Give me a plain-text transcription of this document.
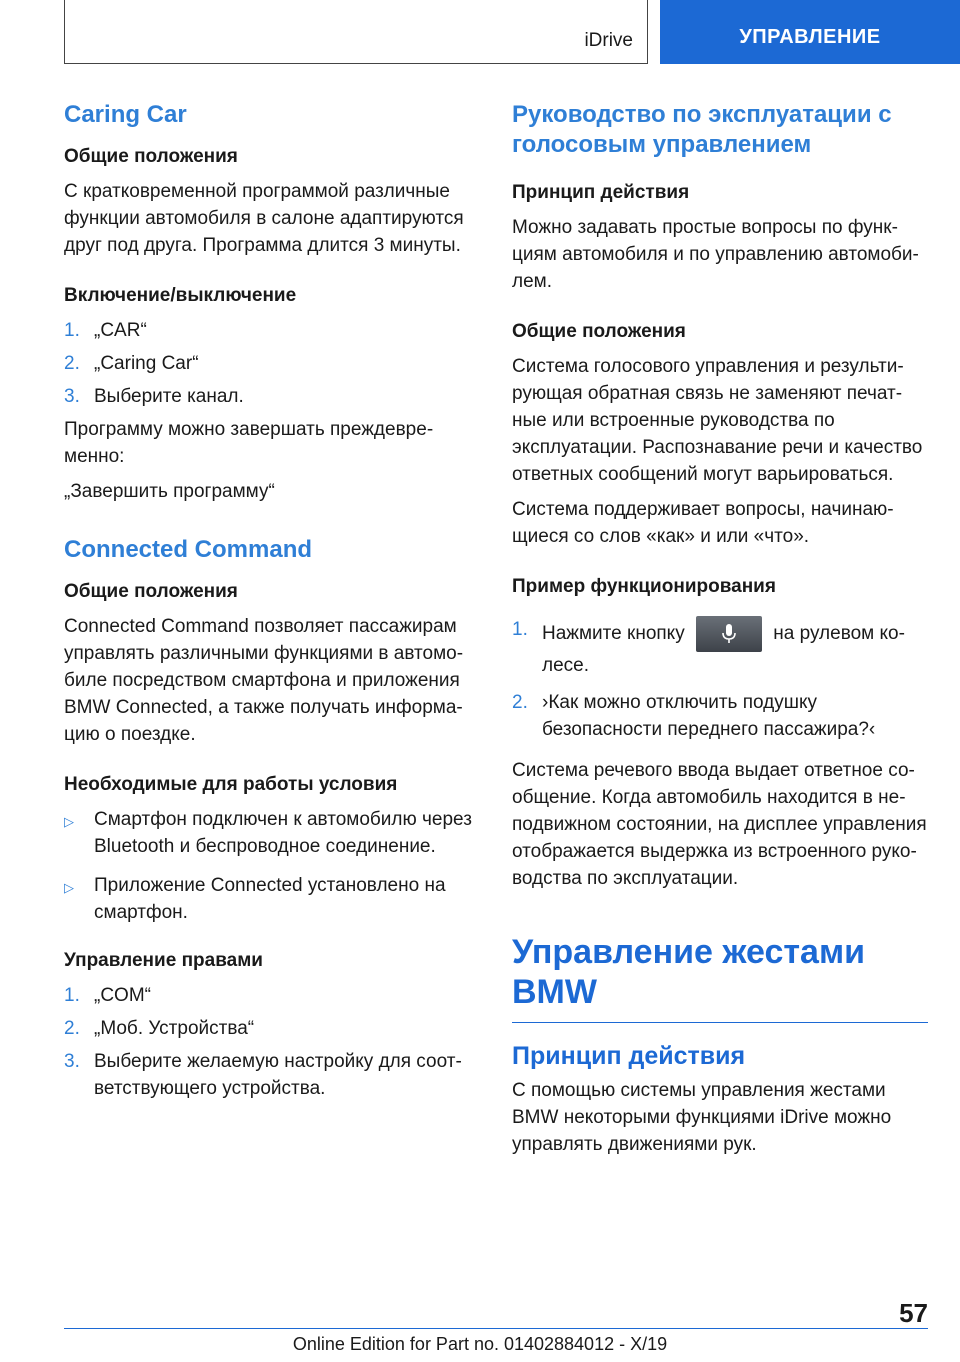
iDrive	УПРАВЛЕНИЕ
Caring Car
Общие положения

С кратковременной программой различные функции автомобиля в салоне адаптируются друг под друга. Программа длится 3 минуты.

Включение/выключение
1. „CAR“
2. „Caring Car“
3. Выберите канал.

Программу можно завершать преждевременно:

„Завершить программу“

Connected Command
Общие положения

Connected Command позволяет пассажирам управлять различными функциями в автомобиле посредством смартфона и приложения BMW Connected, а также получать информацию о поездке.

Необходимые для работы условия
▷	Смартфон подключен к автомобилю через Bluetooth и беспроводное соединение.
▷	Приложение Connected установлено на смартфон.
Управление правами
1. „COM“
2. „Моб. Устройства“
3. Выберите желаемую настройку для соответствующего устройства.
Руководство по эксплуатации с голосовым управлением
Принцип действия

Можно задавать простые вопросы по функциям автомобиля и по управлению автомобилем.

Общие положения

Система голосового управления и результирующая обратная связь не заменяют печатные или встроенные руководства по эксплуатации. Распознавание речи и качество ответных сообщений могут варьироваться.

Система поддерживает вопросы, начинающиеся со слов «как» и или «что».

Пример функционирования
1. Нажмите кнопку	на рулевом колесе.
2. ›Как можно отключить подушку безопасности переднего пассажира?‹

Система речевого ввода выдает ответное сообщение. Когда автомобиль находится в неподвижном состоянии, на дисплее управления отображается выдержка из встроенного руководства по эксплуатации.

Управление жестами BMW
Принцип действия

С помощью системы управления жестами BMW некоторыми функциями iDrive можно управлять движениями рук.

57
Online Edition for Part no. 01402884012 - X/19
